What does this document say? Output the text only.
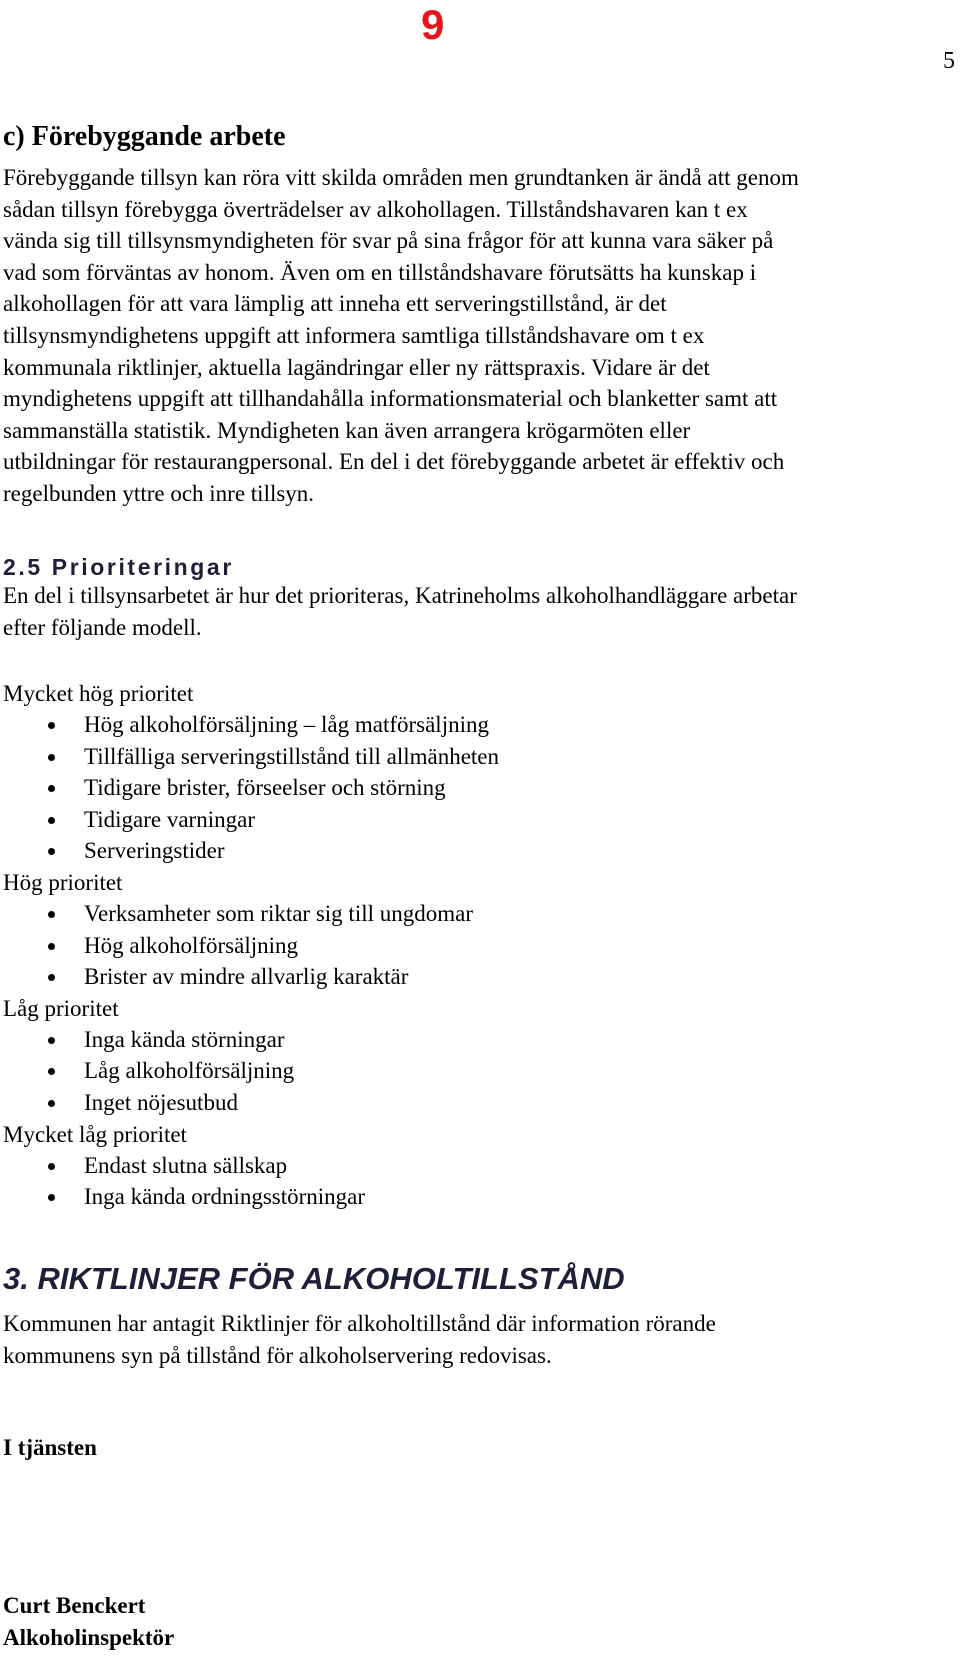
9
5
c) Förebyggande arbete
Förebyggande tillsyn kan röra vitt skilda områden men grundtanken är ändå att genom
sådan tillsyn förebygga överträdelser av alkohollagen. Tillståndshavaren kan t ex
vända sig till tillsynsmyndigheten för svar på sina frågor för att kunna vara säker på
vad som förväntas av honom. Även om en tillståndshavare förutsätts ha kunskap i
alkohollagen för att vara lämplig att inneha ett serveringstillstånd, är det
tillsynsmyndighetens uppgift att informera samtliga tillståndshavare om t ex
kommunala riktlinjer, aktuella lagändringar eller ny rättspraxis. Vidare är det
myndighetens uppgift att tillhandahålla informationsmaterial och blanketter samt att
sammanställa statistik. Myndigheten kan även arrangera krögarmöten eller
utbildningar för restaurangpersonal. En del i det förebyggande arbetet är effektiv och
regelbunden yttre och inre tillsyn.
2.5 Prioriteringar
En del i tillsynsarbetet är hur det prioriteras, Katrineholms alkoholhandläggare arbetar
efter följande modell.
Mycket hög prioritet
Hög alkoholförsäljning – låg matförsäljning
Tillfälliga serveringstillstånd till allmänheten
Tidigare brister, förseelser och störning
Tidigare varningar
Serveringstider
Hög prioritet
Verksamheter som riktar sig till ungdomar
Hög alkoholförsäljning
Brister av mindre allvarlig karaktär
Låg prioritet
Inga kända störningar
Låg alkoholförsäljning
Inget nöjesutbud
Mycket låg prioritet
Endast slutna sällskap
Inga kända ordningsstörningar
3. RIKTLINJER FÖR ALKOHOLTILLSTÅND
Kommunen har antagit Riktlinjer för alkoholtillstånd där information rörande
kommunens syn på tillstånd för alkoholservering redovisas.
I tjänsten
Curt Benckert
Alkoholinspektör
